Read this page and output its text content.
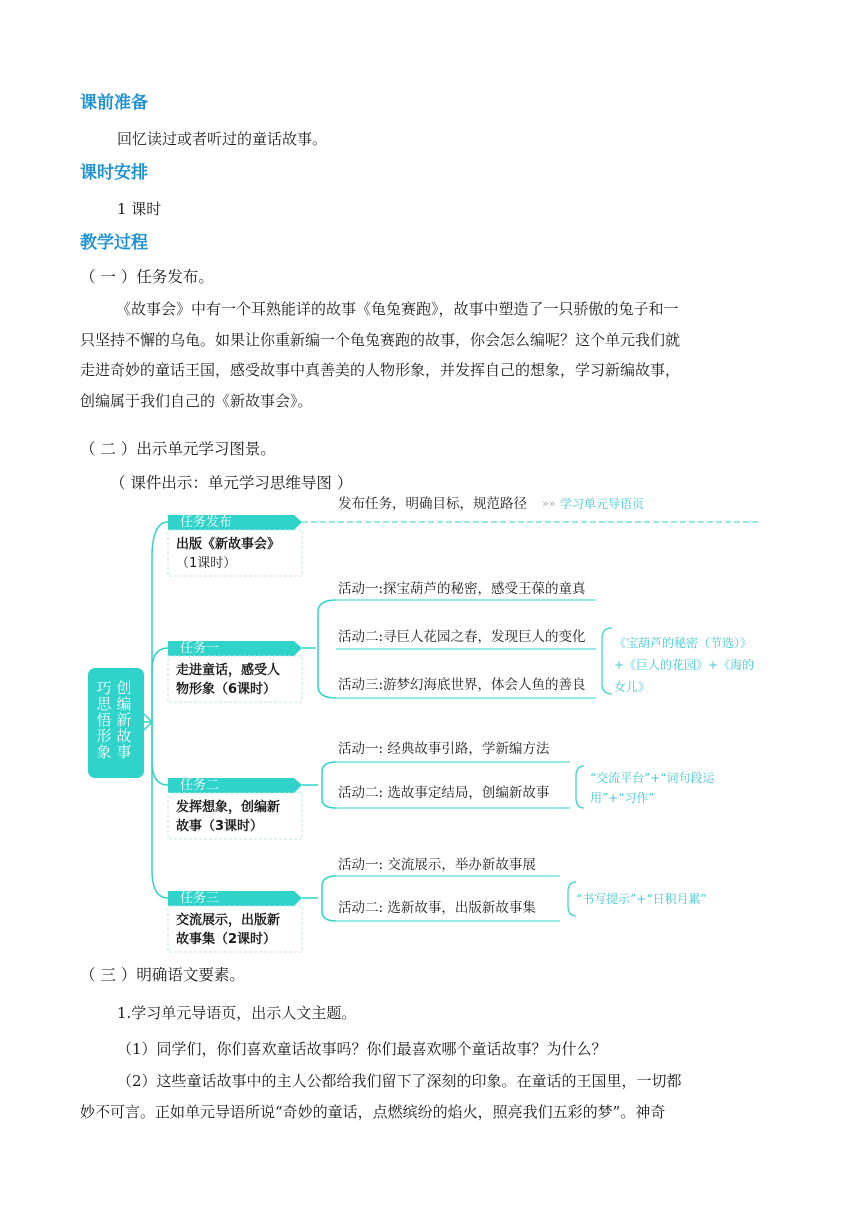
课前准备
回忆读过或者听过的童话故事。
课时安排
1 课时
教学过程
（ 一 ）任务发布。
《故事会》中有一个耳熟能详的故事《龟兔赛跑》，故事中塑造了一只骄傲的兔子和一
只坚持不懈的乌龟。如果让你重新编一个龟兔赛跑的故事，你会怎么编呢？这个单元我们就
走进奇妙的童话王国，感受故事中真善美的人物形象，并发挥自己的想象，学习新编故事，
创编属于我们自己的《新故事会》。
（ 二 ）出示单元学习图景。
（ 课件出示：单元学习思维导图 ）
创编新故事
巧思悟形象
任务发布
出版《新故事会》
（1课时）
发布任务，明确目标，规范路径 »» 学习单元导语页
任务一
走进童话，感受人
物形象（6课时）
活动一:探宝葫芦的秘密，感受王葆的童真
活动二:寻巨人花园之春，发现巨人的变化
活动三:游梦幻海底世界，体会人鱼的善良
《宝葫芦的秘密（节选）》
+《巨人的花园》+《海的
女儿》
任务二
发挥想象，创编新
故事（3课时）
活动一: 经典故事引路，学新编方法
活动二: 选故事定结局，创编新故事
“交流平台”+“词句段运
用”+“习作”
任务三
交流展示，出版新
故事集（2课时）
活动一: 交流展示，举办新故事展
活动二: 选新故事，出版新故事集
“书写提示”+“日积月累”
（ 三 ）明确语文要素。
1.学习单元导语页，出示人文主题。
（1）同学们，你们喜欢童话故事吗？你们最喜欢哪个童话故事？为什么？
（2）这些童话故事中的主人公都给我们留下了深刻的印象。在童话的王国里，一切都
妙不可言。正如单元导语所说“奇妙的童话，点燃缤纷的焰火，照亮我们五彩的梦”。神奇
